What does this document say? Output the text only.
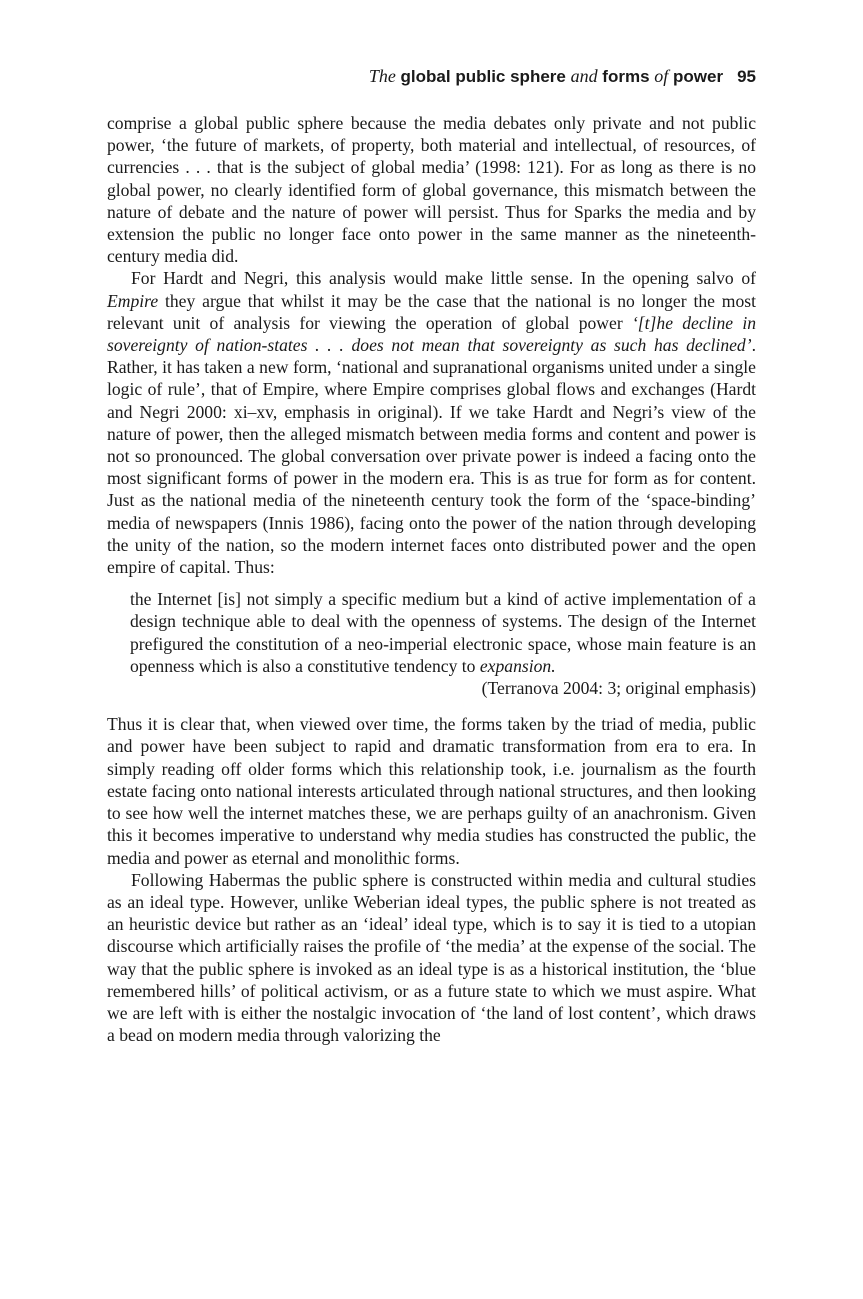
The global public sphere and forms of power 95

comprise a global public sphere because the media debates only private and not public power, ‘the future of markets, of property, both material and intellectual, of resources, of currencies . . . that is the subject of global media’ (1998: 121). For as long as there is no global power, no clearly identified form of global governance, this mismatch between the nature of debate and the nature of power will persist. Thus for Sparks the media and by extension the public no longer face onto power in the same manner as the nineteenth-century media did.

For Hardt and Negri, this analysis would make little sense. In the opening salvo of Empire they argue that whilst it may be the case that the national is no longer the most relevant unit of analysis for viewing the operation of global power ‘[t]he decline in sovereignty of nation-states . . . does not mean that sovereignty as such has declined’. Rather, it has taken a new form, ‘national and supranational organisms united under a single logic of rule’, that of Empire, where Empire comprises global flows and exchanges (Hardt and Negri 2000: xi–xv, emphasis in original). If we take Hardt and Negri’s view of the nature of power, then the alleged mismatch between media forms and content and power is not so pronounced. The global conversation over private power is indeed a facing onto the most significant forms of power in the modern era. This is as true for form as for content. Just as the national media of the nineteenth century took the form of the ‘space-binding’ media of newspapers (Innis 1986), facing onto the power of the nation through developing the unity of the nation, so the modern internet faces onto distributed power and the open empire of capital. Thus:

the Internet [is] not simply a specific medium but a kind of active implementation of a design technique able to deal with the openness of systems. The design of the Internet prefigured the constitution of a neo-imperial electronic space, whose main feature is an openness which is also a constitutive tendency to expansion.

(Terranova 2004: 3; original emphasis)

Thus it is clear that, when viewed over time, the forms taken by the triad of media, public and power have been subject to rapid and dramatic transformation from era to era. In simply reading off older forms which this relationship took, i.e. journalism as the fourth estate facing onto national interests articulated through national structures, and then looking to see how well the internet matches these, we are perhaps guilty of an anachronism. Given this it becomes imperative to understand why media studies has constructed the public, the media and power as eternal and monolithic forms.

Following Habermas the public sphere is constructed within media and cultural studies as an ideal type. However, unlike Weberian ideal types, the public sphere is not treated as an heuristic device but rather as an ‘ideal’ ideal type, which is to say it is tied to a utopian discourse which artificially raises the profile of ‘the media’ at the expense of the social. The way that the public sphere is invoked as an ideal type is as a historical institution, the ‘blue remembered hills’ of political activism, or as a future state to which we must aspire. What we are left with is either the nostalgic invocation of ‘the land of lost content’, which draws a bead on modern media through valorizing the
